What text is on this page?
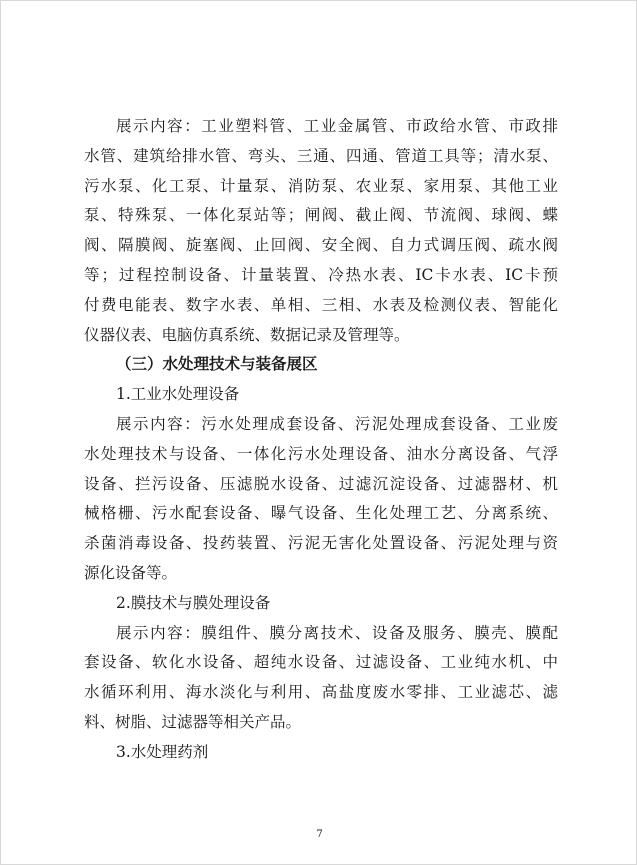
展示内容：工业塑料管、工业金属管、市政给水管、市政排
水管、建筑给排水管、弯头、三通、四通、管道工具等；清水泵、
污水泵、化工泵、计量泵、消防泵、农业泵、家用泵、其他工业
泵、特殊泵、一体化泵站等；闸阀、截止阀、节流阀、球阀、蝶
阀、隔膜阀、旋塞阀、止回阀、安全阀、自力式调压阀、疏水阀
等；过程控制设备、计量装置、冷热水表、IC卡水表、IC卡预
付费电能表、数字水表、单相、三相、水表及检测仪表、智能化
仪器仪表、电脑仿真系统、数据记录及管理等。
（三）水处理技术与装备展区
1.工业水处理设备
展示内容：污水处理成套设备、污泥处理成套设备、工业废
水处理技术与设备、一体化污水处理设备、油水分离设备、气浮
设备、拦污设备、压滤脱水设备、过滤沉淀设备、过滤器材、机
械格栅、污水配套设备、曝气设备、生化处理工艺、分离系统、
杀菌消毒设备、投药装置、污泥无害化处置设备、污泥处理与资
源化设备等。
2.膜技术与膜处理设备
展示内容：膜组件、膜分离技术、设备及服务、膜壳、膜配
套设备、软化水设备、超纯水设备、过滤设备、工业纯水机、中
水循环利用、海水淡化与利用、高盐度废水零排、工业滤芯、滤
料、树脂、过滤器等相关产品。
3.水处理药剂
7
